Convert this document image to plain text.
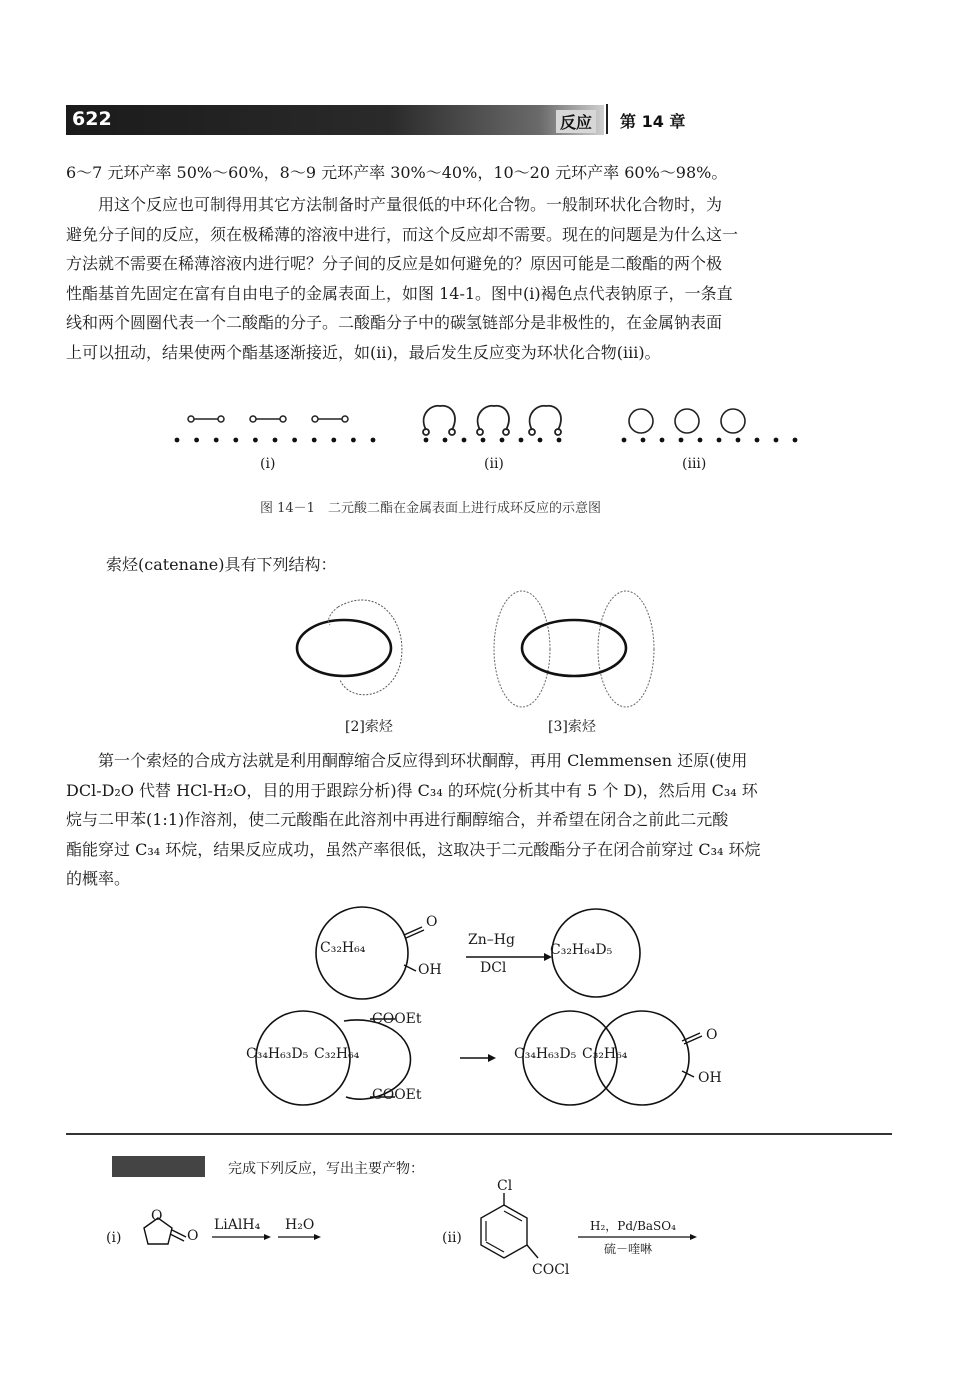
622	反应 第 14 章
6～7 元环产率 50%～60%，8～9 元环产率 30%～40%，10～20 元环产率 60%～98%。
用这个反应也可制得用其它方法制备时产量很低的中环化合物。一般制环状化合物时，为
避免分子间的反应，须在极稀薄的溶液中进行，而这个反应却不需要。现在的问题是为什么这一
方法就不需要在稀薄溶液内进行呢？分子间的反应是如何避免的？原因可能是二酸酯的两个极
性酯基首先固定在富有自由电子的金属表面上，如图 14-1。图中(i)褐色点代表钠原子，一条直
线和两个圆圈代表一个二酸酯的分子。二酸酯分子中的碳氢链部分是非极性的，在金属钠表面
上可以扭动，结果使两个酯基逐渐接近，如(ii)，最后发生反应变为环状化合物(iii)。
(i)	(ii)	(iii)
图 14－1　二元酸二酯在金属表面上进行成环反应的示意图
索烃(catenane)具有下列结构：
[2]索烃	[3]索烃
第一个索烃的合成方法就是利用酮醇缩合反应得到环状酮醇，再用 Clemmensen 还原(使用
DCl-D₂O 代替 HCl-H₂O，目的用于跟踪分析)得 C₃₄ 的环烷(分析其中有 5 个 D)，然后用 C₃₄ 环
烷与二甲苯(1:1)作溶剂，使二元酸酯在此溶剂中再进行酮醇缩合，并希望在闭合之前此二元酸
酯能穿过 C₃₄ 环烷，结果反应成功，虽然产率很低，这取决于二元酸酯分子在闭合前穿过 C₃₄ 环烷
的概率。
C₃₂H₆₄
O
OH
Zn–Hg
DCl
C₃₂H₆₄D₅
C₃₄H₆₃D₅ C₃₂H₆₄
COOEt
COOEt
C₃₄H₆₃D₅ C₃₂H₆₄
O
OH
完成下列反应，写出主要产物：
(i)
O
O
LiAlH₄ H₂O
(ii)
Cl
COCl
H₂，Pd/BaSO₄
硫－喹啉
